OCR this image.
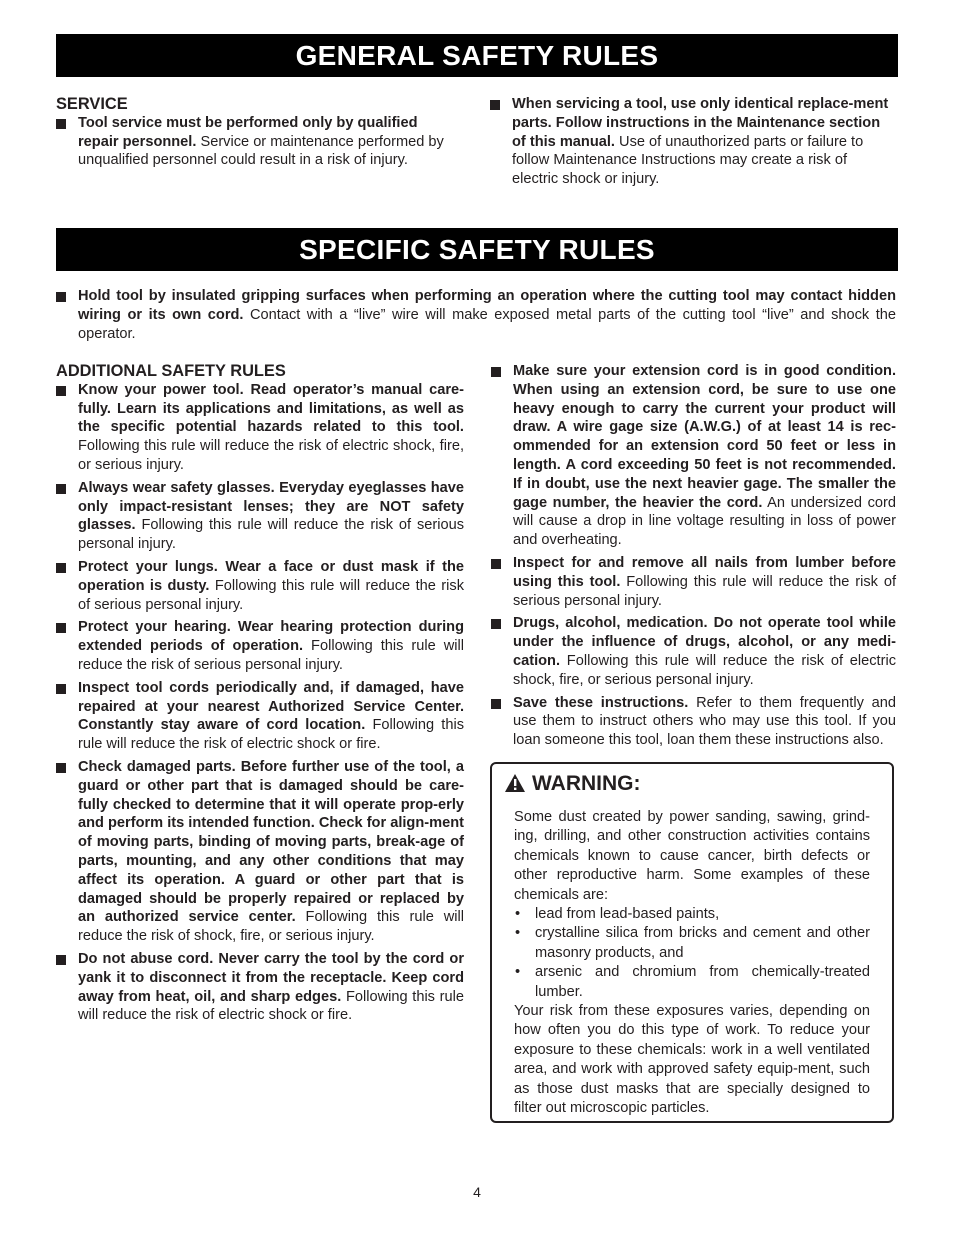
GENERAL SAFETY RULES

SERVICE

Tool service must be performed only by qualified repair personnel. Service or maintenance performed by unqualified personnel could result in a risk of injury.
When servicing a tool, use only identical replace-ment parts. Follow instructions in the Maintenance section of this manual. Use of unauthorized parts or failure to follow Maintenance Instructions may create a risk of electric shock or injury.
SPECIFIC SAFETY RULES
Hold tool by insulated gripping surfaces when performing an operation where the cutting tool may contact hidden wiring or its own cord. Contact with a “live” wire will make exposed metal parts of the cutting tool “live” and shock the operator.

ADDITIONAL SAFETY RULES

Know your power tool. Read operator’s manual care-fully. Learn its applications and limitations, as well as the specific potential hazards related to this tool. Following this rule will reduce the risk of electric shock, fire, or serious injury.
Always wear safety glasses. Everyday eyeglasses have only impact-resistant lenses; they are NOT safety glasses. Following this rule will reduce the risk of serious personal injury.
Protect your lungs. Wear a face or dust mask if the operation is dusty. Following this rule will reduce the risk of serious personal injury.
Protect your hearing. Wear hearing protection during extended periods of operation. Following this rule will reduce the risk of serious personal injury.
Inspect tool cords periodically and, if damaged, have repaired at your nearest Authorized Service Center. Constantly stay aware of cord location. Following this rule will reduce the risk of electric shock or fire.
Check damaged parts. Before further use of the tool, a guard or other part that is damaged should be care-fully checked to determine that it will operate prop-erly and perform its intended function. Check for align-ment of moving parts, binding of moving parts, break-age of parts, mounting, and any other conditions that may affect its operation. A guard or other part that is damaged should be properly repaired or replaced by an authorized service center. Following this rule will reduce the risk of shock, fire, or serious injury.
Do not abuse cord. Never carry the tool by the cord or yank it to disconnect it from the receptacle. Keep cord away from heat, oil, and sharp edges. Following this rule will reduce the risk of electric shock or fire.
Make sure your extension cord is in good condition. When using an extension cord, be sure to use one heavy enough to carry the current your product will draw. A wire gage size (A.W.G.) of at least 14 is rec-ommended for an extension cord 50 feet or less in length. A cord exceeding 50 feet is not recommended. If in doubt, use the next heavier gage. The smaller the gage number, the heavier the cord. An undersized cord will cause a drop in line voltage resulting in loss of power and overheating.
Inspect for and remove all nails from lumber before using this tool. Following this rule will reduce the risk of serious personal injury.
Drugs, alcohol, medication. Do not operate tool while under the influence of drugs, alcohol, or any medi-cation. Following this rule will reduce the risk of electric shock, fire, or serious personal injury.
Save these instructions. Refer to them frequently and use them to instruct others who may use this tool. If you loan someone this tool, loan them these instructions also.
WARNING:

Some dust created by power sanding, sawing, grind-ing, drilling, and other construction activities contains chemicals known to cause cancer, birth defects or other reproductive harm. Some examples of these chemicals are:

• lead from lead-based paints,
• crystalline silica from bricks and cement and other masonry products, and
• arsenic and chromium from chemically-treated lumber.

Your risk from these exposures varies, depending on how often you do this type of work. To reduce your exposure to these chemicals: work in a well ventilated area, and work with approved safety equip-ment, such as those dust masks that are specially designed to filter out microscopic particles.

4
